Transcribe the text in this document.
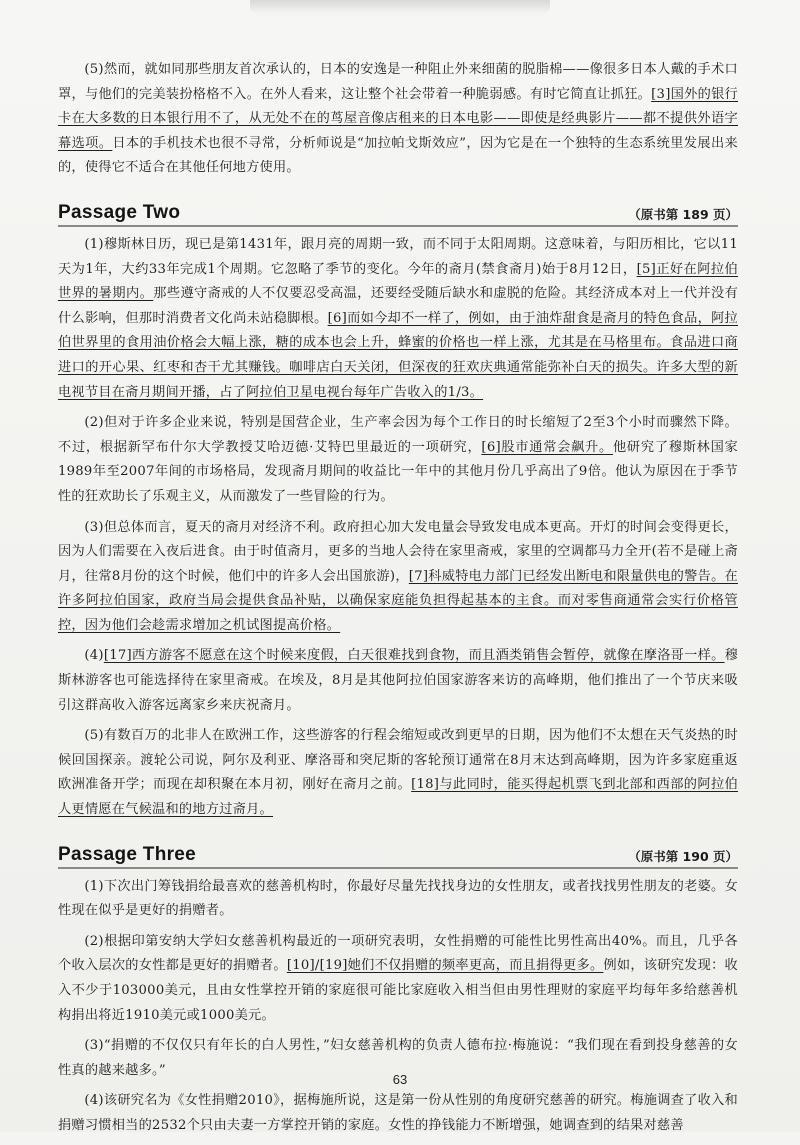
(5)然而，就如同那些朋友首次承认的，日本的安逸是一种阻止外来细菌的脱脂棉——像很多日本人戴的手术口罩，与他们的完美装扮格格不入。在外人看来，这让整个社会带着一种脆弱感。有时它简直让抓狂。[3]国外的银行卡在大多数的日本银行用不了，从无处不在的茑屋音像店租来的日本电影——即使是经典影片——都不提供外语字幕选项。日本的手机技术也很不寻常，分析师说是“加拉帕戈斯效应”，因为它是在一个独特的生态系统里发展出来的，使得它不适合在其他任何地方使用。

Passage Two	（原书第 189 页）

(1)穆斯林日历，现已是第1431年，跟月亮的周期一致，而不同于太阳周期。这意味着，与阳历相比，它以11天为1年，大约33年完成1个周期。它忽略了季节的变化。今年的斋月(禁食斋月)始于8月12日，[5]正好在阿拉伯世界的暑期内。那些遵守斋戒的人不仅要忍受高温，还要经受随后缺水和虚脱的危险。其经济成本对上一代并没有什么影响，但那时消费者文化尚未站稳脚根。[6]而如今却不一样了，例如，由于油炸甜食是斋月的特色食品，阿拉伯世界里的食用油价格会大幅上涨，糖的成本也会上升，蜂蜜的价格也一样上涨，尤其是在马格里布。食品进口商进口的开心果、红枣和杏干尤其赚钱。咖啡店白天关闭，但深夜的狂欢庆典通常能弥补白天的损失。许多大型的新电视节目在斋月期间开播，占了阿拉伯卫星电视台每年广告收入的1/3。

(2)但对于许多企业来说，特别是国营企业，生产率会因为每个工作日的时长缩短了2至3个小时而骤然下降。不过，根据新罕布什尔大学教授艾哈迈德·艾特巴里最近的一项研究，[6]股市通常会飙升。他研究了穆斯林国家1989年至2007年间的市场格局，发现斋月期间的收益比一年中的其他月份几乎高出了9倍。他认为原因在于季节性的狂欢助长了乐观主义，从而激发了一些冒险的行为。

(3)但总体而言，夏天的斋月对经济不利。政府担心加大发电量会导致发电成本更高。开灯的时间会变得更长，因为人们需要在入夜后进食。由于时值斋月，更多的当地人会待在家里斋戒，家里的空调都马力全开(若不是碰上斋月，往常8月份的这个时候，他们中的许多人会出国旅游)，[7]科威特电力部门已经发出断电和限量供电的警告。在许多阿拉伯国家，政府当局会提供食品补贴，以确保家庭能负担得起基本的主食。而对零售商通常会实行价格管控，因为他们会趁需求增加之机试图提高价格。

(4)[17]西方游客不愿意在这个时候来度假，白天很难找到食物，而且酒类销售会暂停，就像在摩洛哥一样。穆斯林游客也可能选择待在家里斋戒。在埃及，8月是其他阿拉伯国家游客来访的高峰期，他们推出了一个节庆来吸引这群高收入游客远离家乡来庆祝斋月。

(5)有数百万的北非人在欧洲工作，这些游客的行程会缩短或改到更早的日期，因为他们不太想在天气炎热的时候回国探亲。渡轮公司说，阿尔及利亚、摩洛哥和突尼斯的客轮预订通常在8月末达到高峰期，因为许多家庭重返欧洲准备开学；而现在却积聚在本月初，刚好在斋月之前。[18]与此同时，能买得起机票飞到北部和西部的阿拉伯人更情愿在气候温和的地方过斋月。

Passage Three	（原书第 190 页）

(1)下次出门筹钱捐给最喜欢的慈善机构时，你最好尽量先找找身边的女性朋友，或者找找男性朋友的老婆。女性现在似乎是更好的捐赠者。

(2)根据印第安纳大学妇女慈善机构最近的一项研究表明，女性捐赠的可能性比男性高出40%。而且，几乎各个收入层次的女性都是更好的捐赠者。[10]/[19]她们不仅捐赠的频率更高，而且捐得更多。例如，该研究发现：收入不少于103000美元，且由女性掌控开销的家庭很可能比家庭收入相当但由男性理财的家庭平均每年多给慈善机构捐出将近1910美元或1000美元。

(3)“捐赠的不仅仅只有年长的白人男性，”妇女慈善机构的负责人德布拉·梅施说：“我们现在看到投身慈善的女性真的越来越多。”

(4)该研究名为《女性捐赠2010》，据梅施所说，这是第一份从性别的角度研究慈善的研究。梅施调查了收入和捐赠习惯相当的2532个只由夫妻一方掌控开销的家庭。女性的挣钱能力不断增强，她调查到的结果对慈善

63
